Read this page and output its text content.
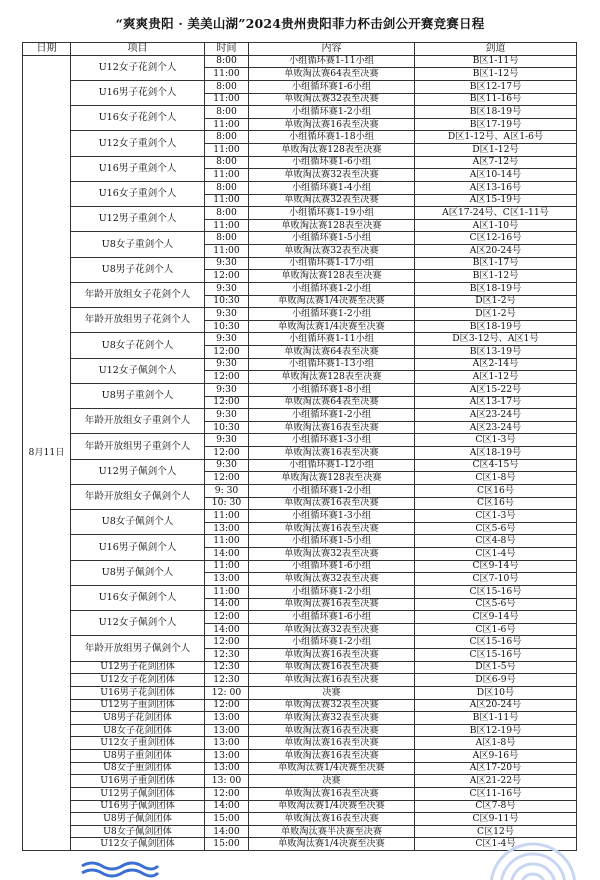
“爽爽贵阳 · 美美山湖”2024贵州贵阳菲力杯击剑公开赛竞赛日程
日期	项目	时间	内容	剑道
8月11日	U12女子花剑个人	8:00	小组循环赛1-11小组	B区1-11号
		11:00	单败淘汰赛64表至决赛	B区1-12号
	U16男子花剑个人	8:00	小组循环赛1-6小组	B区12-17号
		11:00	单败淘汰赛32表至决赛	B区11-16号
	U16女子花剑个人	8:00	小组循环赛1-2小组	B区18-19号
		11:00	单败淘汰赛16表至决赛	B区17-19号
	U12女子重剑个人	8:00	小组循环赛1-18小组	D区1-12号、A区1-6号
		11:00	单败淘汰赛128表至决赛	D区1-12号
	U16男子重剑个人	8:00	小组循环赛1-6小组	A区7-12号
		11:00	单败淘汰赛32表至决赛	A区10-14号
	U16女子重剑个人	8:00	小组循环赛1-4小组	A区13-16号
		11:00	单败淘汰赛32表至决赛	A区15-19号
	U12男子重剑个人	8:00	小组循环赛1-19小组	A区17-24号、C区1-11号
		11:00	单败淘汰赛128表至决赛	A区1-10号
	U8女子重剑个人	8:00	小组循环赛1-5小组	C区12-16号
		11:00	单败淘汰赛32表至决赛	A区20-24号
	U8男子花剑个人	9:30	小组循环赛1-17小组	B区1-17号
		12:00	单败淘汰赛128表至决赛	B区1-12号
	年龄开放组女子花剑个人	9:30	小组循环赛1-2小组	B区18-19号
		10:30	单败淘汰赛1/4决赛至决赛	D区1-2号
	年龄开放组男子花剑个人	9:30	小组循环赛1-2小组	D区1-2号
		10:30	单败淘汰赛1/4决赛至决赛	B区18-19号
	U8女子花剑个人	9:30	小组循环赛1-11小组	D区3-12号、A区1号
		12:00	单败淘汰赛64表至决赛	B区13-19号
	U12女子佩剑个人	9:30	小组循环赛1-13小组	A区2-14号
		12:00	单败淘汰赛128表至决赛	A区1-12号
	U8男子重剑个人	9:30	小组循环赛1-8小组	A区15-22号
		12:00	单败淘汰赛64表至决赛	A区13-17号
	年龄开放组女子重剑个人	9:30	小组循环赛1-2小组	A区23-24号
		10:30	单败淘汰赛16表至决赛	A区23-24号
	年龄开放组男子重剑个人	9:30	小组循环赛1-3小组	C区1-3号
		12:00	单败淘汰赛16表至决赛	A区18-19号
	U12男子佩剑个人	9:30	小组循环赛1-12小组	C区4-15号
		12:00	单败淘汰赛128表至决赛	C区1-8号
	年龄开放组女子佩剑个人	9: 30	小组循环赛1-2小组	C区16号
		10: 30	单败淘汰赛16表至决赛	C区16号
	U8女子佩剑个人	11:00	小组循环赛1-3小组	C区1-3号
		13:00	单败淘汰赛16表至决赛	C区5-6号
	U16男子佩剑个人	11:00	小组循环赛1-5小组	C区4-8号
		14:00	单败淘汰赛32表至决赛	C区1-4号
	U8男子佩剑个人	11:00	小组循环赛1-6小组	C区9-14号
		13:00	单败淘汰赛32表至决赛	C区7-10号
	U16女子佩剑个人	11:00	小组循环赛1-2小组	C区15-16号
		14:00	单败淘汰赛16表至决赛	C区5-6号
	U12女子佩剑个人	12:00	小组循环赛1-6小组	C区9-14号
		14:00	单败淘汰赛32表至决赛	C区1-6号
	年龄开放组男子佩剑个人	12:00	小组循环赛1-2小组	C区15-16号
		12:30	单败淘汰赛16表至决赛	C区15-16号
	U12男子花剑团体	12:30	单败淘汰赛16表至决赛	D区1-5号
	U12女子花剑团体	12:30	单败淘汰赛16表至决赛	D区6-9号
	U16男子花剑团体	12: 00	决赛	D区10号
	U12男子重剑团体	12:00	单败淘汰赛32表至决赛	A区20-24号
	U8男子花剑团体	13:00	单败淘汰赛32表至决赛	B区1-11号
	U8女子花剑团体	13:00	单败淘汰赛16表至决赛	B区12-19号
	U12女子重剑团体	13:00	单败淘汰赛16表至决赛	A区1-8号
	U8男子重剑团体	13:00	单败淘汰赛16表至决赛	A区9-16号
	U8女子重剑团体	13:00	单败淘汰赛1/4决赛至决赛	A区17-20号
	U16男子重剑团体	13: 00	决赛	A区21-22号
	U12男子佩剑团体	12:00	单败淘汰赛16表至决赛	C区11-16号
	U16男子佩剑团体	14:00	单败淘汰赛1/4决赛至决赛	C区7-8号
	U8男子佩剑团体	15:00	单败淘汰赛16表至决赛	C区9-11号
	U8女子佩剑团体	14:00	单败淘汰赛半决赛至决赛	C区12号
	U12女子佩剑团体	15:00	单败淘汰赛1/4决赛至决赛	C区1-4号
